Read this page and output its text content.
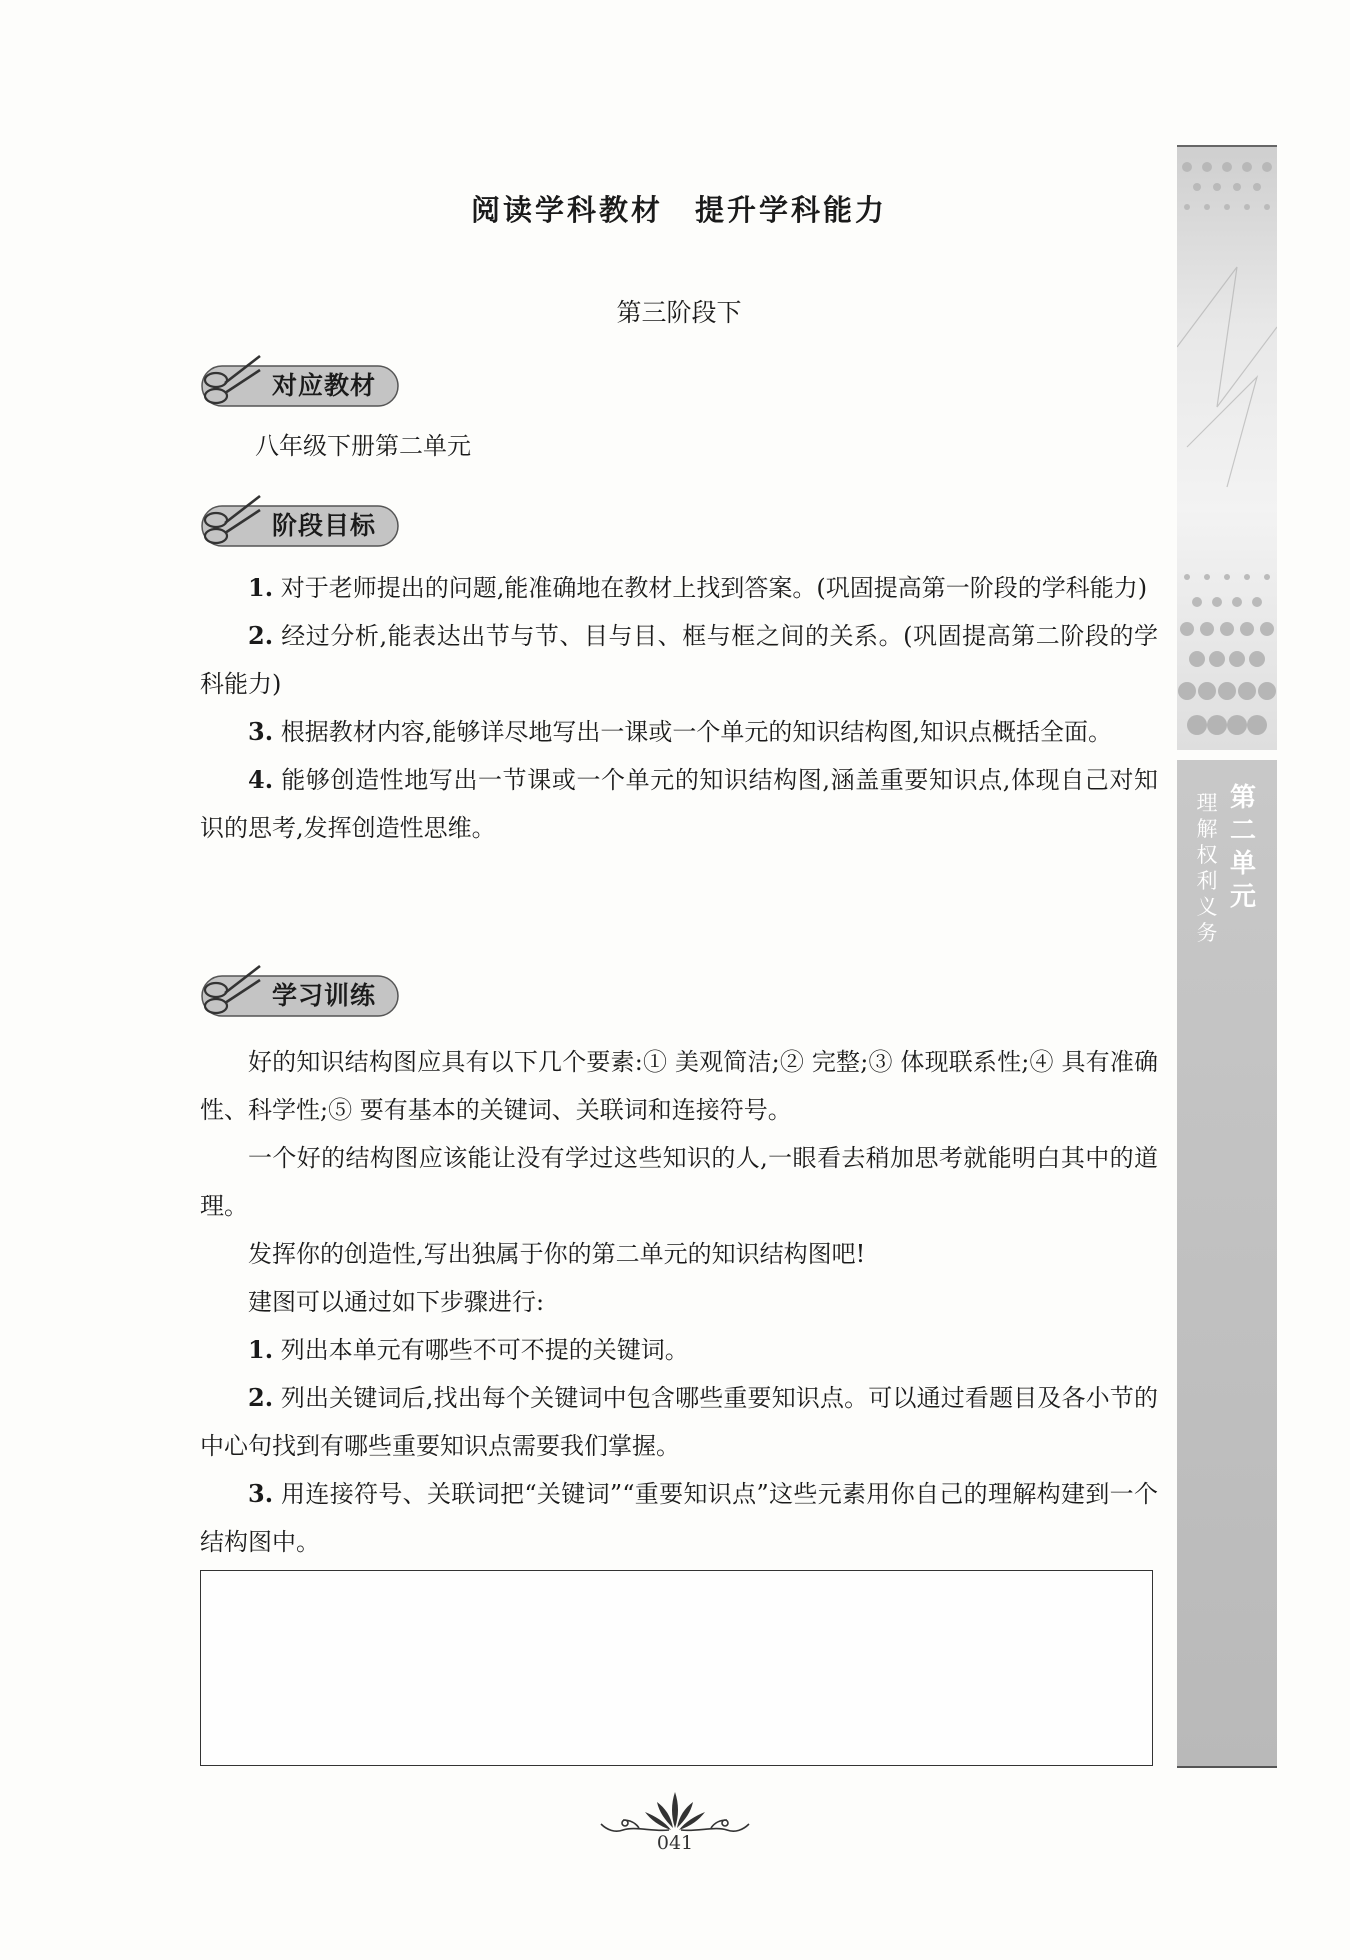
阅读学科教材　提升学科能力
第三阶段下
对应教材
八年级下册第二单元
阶段目标

1. 对于老师提出的问题,能准确地在教材上找到答案。(巩固提高第一阶段的学科能力)

2. 经过分析,能表达出节与节、目与目、框与框之间的关系。(巩固提高第二阶段的学科能力)

3. 根据教材内容,能够详尽地写出一课或一个单元的知识结构图,知识点概括全面。

4. 能够创造性地写出一节课或一个单元的知识结构图,涵盖重要知识点,体现自己对知识的思考,发挥创造性思维。

学习训练

好的知识结构图应具有以下几个要素:① 美观简洁;② 完整;③ 体现联系性;④ 具有准确性、科学性;⑤ 要有基本的关键词、关联词和连接符号。

一个好的结构图应该能让没有学过这些知识的人,一眼看去稍加思考就能明白其中的道理。

发挥你的创造性,写出独属于你的第二单元的知识结构图吧!

建图可以通过如下步骤进行:

1. 列出本单元有哪些不可不提的关键词。

2. 列出关键词后,找出每个关键词中包含哪些重要知识点。可以通过看题目及各小节的中心句找到有哪些重要知识点需要我们掌握。

3. 用连接符号、关联词把“关键词”“重要知识点”这些元素用你自己的理解构建到一个结构图中。

第二单元
理解权利义务
041
